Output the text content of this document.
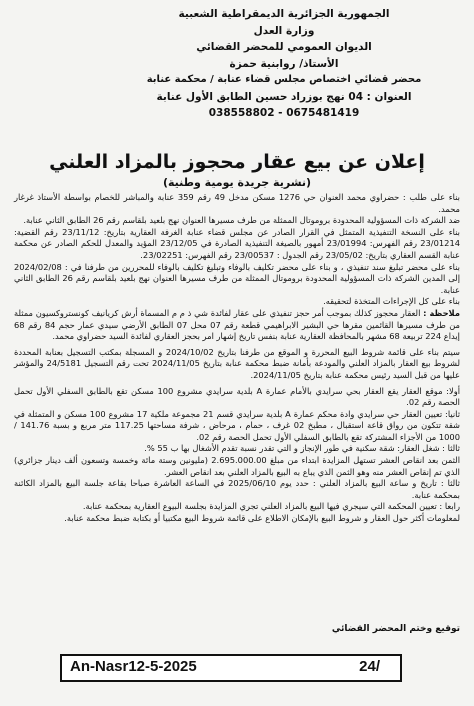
الجمهورية الجزائرية الديمقراطية الشعبية
وزارة العدل
الديوان العمومي للمحضر القضائي
الأستاذ/ روابنية حمزة
محضر قضائي اختصاص مجلس قضاء عنابة / محكمة عنابة
العنوان : 04 نهج بوزراد حسين الطابق الأول عنابة
0675481419 - 038558802
إعلان عن بيع عقار محجوز بالمزاد العلني
(نشرية جريدة يومية وطنية)

بناء على طلب : حضراوي محمد العنوان حي 1276 مسكن مدخل 49 رقم 359 عنابة والمباشر للخصام بواسطة الأستاذ غرغار محمد.

ضد الشركة ذات المسؤولية المحدودة بروموتال الممثلة من طرف مسيرها العنوان نهج بلعيد بلقاسم رقم 26 الطابق الثاني عنابة.

بناء على النسخة التنفيذية المتمثل في القرار الصادر عن مجلس قضاء عنابة الغرفة العقارية بتاريخ: 23/11/12 رقم القضية: 23/01214 رقم الفهرس: 23/01994 أمهور بالصيغة التنفيذية الصادرة في 23/12/05 المؤيد والمعدل للحكم الصادر عن محكمة عنابة القسم العقاري بتاريخ: 23/05/02 رقم الجدول : 23/00537 رقم الفهرس: 23/02251.

بناء على محضر تبليغ سند تنفيذي ، و بناء على محضر تكليف بالوفاء وتبليغ تكليف بالوفاء للمحررين من طرفنا في : 2024/02/08 إلى المدين الشركة ذات المسؤولية المحدودة بروموتال الممثلة من طرف مسيرها العنوان نهج بلعيد بلقاسم رقم 26 الطابق الثاني عنابة.

بناء على كل الإجراءات المتخذة لتحقيقه.

ملاحظة : العقار محجوز كذلك بموجب أمر حجز تنفيذي على عقار لفائدة شي ذ م م المسماة أرش كريانيف كونستروكسيون ممثلة من طرف مسيرها القائمين مقرها حي البشير الابراهيمي قطعة رقم 07 محل 07 الطابق الأرضي سيدي عمار حجم 84 رقم 68 إيداع 224 تربيعة 68 مشهر بالمحافظة العقارية عنابة بنفس تاريخ إشهار امر بحجز العقاري لفائدة السيد حضراوي محمد.

سيتم بناء على قائمة شروط البيع المحررة و الموقع من طرفنا بتاريخ 2024/10/02 و المسجلة بمكتب التسجيل بعنابة المحددة لشروط بيع العقار بالمزاد العلني والمودعة بأمانة ضبط محكمة عنابة بتاريخ 2024/11/05 تحت رقم التسجيل 24/5181 والمؤشر عليها من قبل السيد رئيس محكمة عنابة بتاريخ 2024/11/05.

أولا: موقع العقار يقع العقار بحي سرايدي بالأمام عمارة A بلدية سرايدي مشروع 100 مسكن تقع بالطابق السفلي الأول تحمل الحصة رقم 02.

ثانيا: تعيين العقار حي سرايدي وادة محكم عمارة A بلدية سرايدي قسم 21 مجموعة ملكية 17 مشروع 100 مسكن و المتمثلة في شقة تتكون من رواق قاعة استقبال ، مطبخ 02 غرف ، حمام ، مرحاض ، شرفة مساحتها 117.25 متر مربع و بسبة 141.76 / 1000 من الأجزاء المشتركة تقع بالطابق السفلي الأول تحمل الحصة رقم 02.

ثالثا : شغل العقار: شقة سكنية في طور الإنجاز و التي تقدر نسبة تقدم الأشغال بها ب 55 %.

الثمن بعد انقاص العشر تستهل المزايدة ابتداء من مبلغ 2.695.000.00 (مليونين وستة مائة وخمسة وتسعون ألف دينار جزائري) الذي تم إنقاص العشر منه وهو الثمن الذي يباع به البيع بالمزاد العلني بعد انقاص العشر.

ثالثا : تاريخ و ساعة البيع بالمزاد العلني : حدد يوم 2025/06/10 في الساعة العاشرة صباحا بقاعة جلسة البيع بالمزاد الكائنة بمحكمة عنابة.

رابعا : تعيين المحكمة التي سيجري فيها البيع بالمزاد العلني تجري المزايدة بجلسة البيوع العقارية بمحكمة عنابة.

لمعلومات أكثر حول العقار و شروط البيع بالإمكان الاطلاع على قائمة شروط البيع مكتبيا أو بكتابة ضبط محكمة عنابة.

توقيع وختم المحضر القضائي
An-Nasr12-5-2025	24/
